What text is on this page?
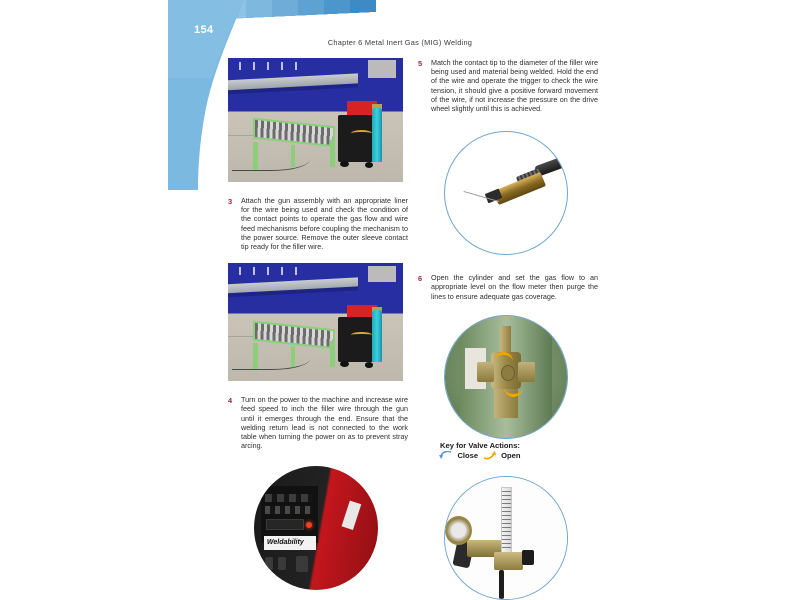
154
Chapter 6 Metal Inert Gas (MIG) Welding
3	Attach the gun assembly with an appropriate liner for the wire being used and check the condition of the contact points to operate the gas flow and wire feed mechanisms before coupling the mechanism to the power source. Remove the outer sleeve contact tip ready for the filler wire.
4	Turn on the power to the machine and increase wire feed speed to inch the filler wire through the gun until it emerges through the end. Ensure that the welding return lead is not connected to the work table when turning the power on as to prevent stray arcing.
Weldability
5	Match the contact tip to the diameter of the filler wire being used and material being welded. Hold the end of the wire and operate the trigger to check the wire tension, it should give a positive forward movement of the wire, if not increase the pressure on the drive wheel slightly until this is achieved.
6	Open the cylinder and set the gas flow to an appropriate level on the flow meter then purge the lines to ensure adequate gas coverage.
Key for Valve Actions:
Close	Open
